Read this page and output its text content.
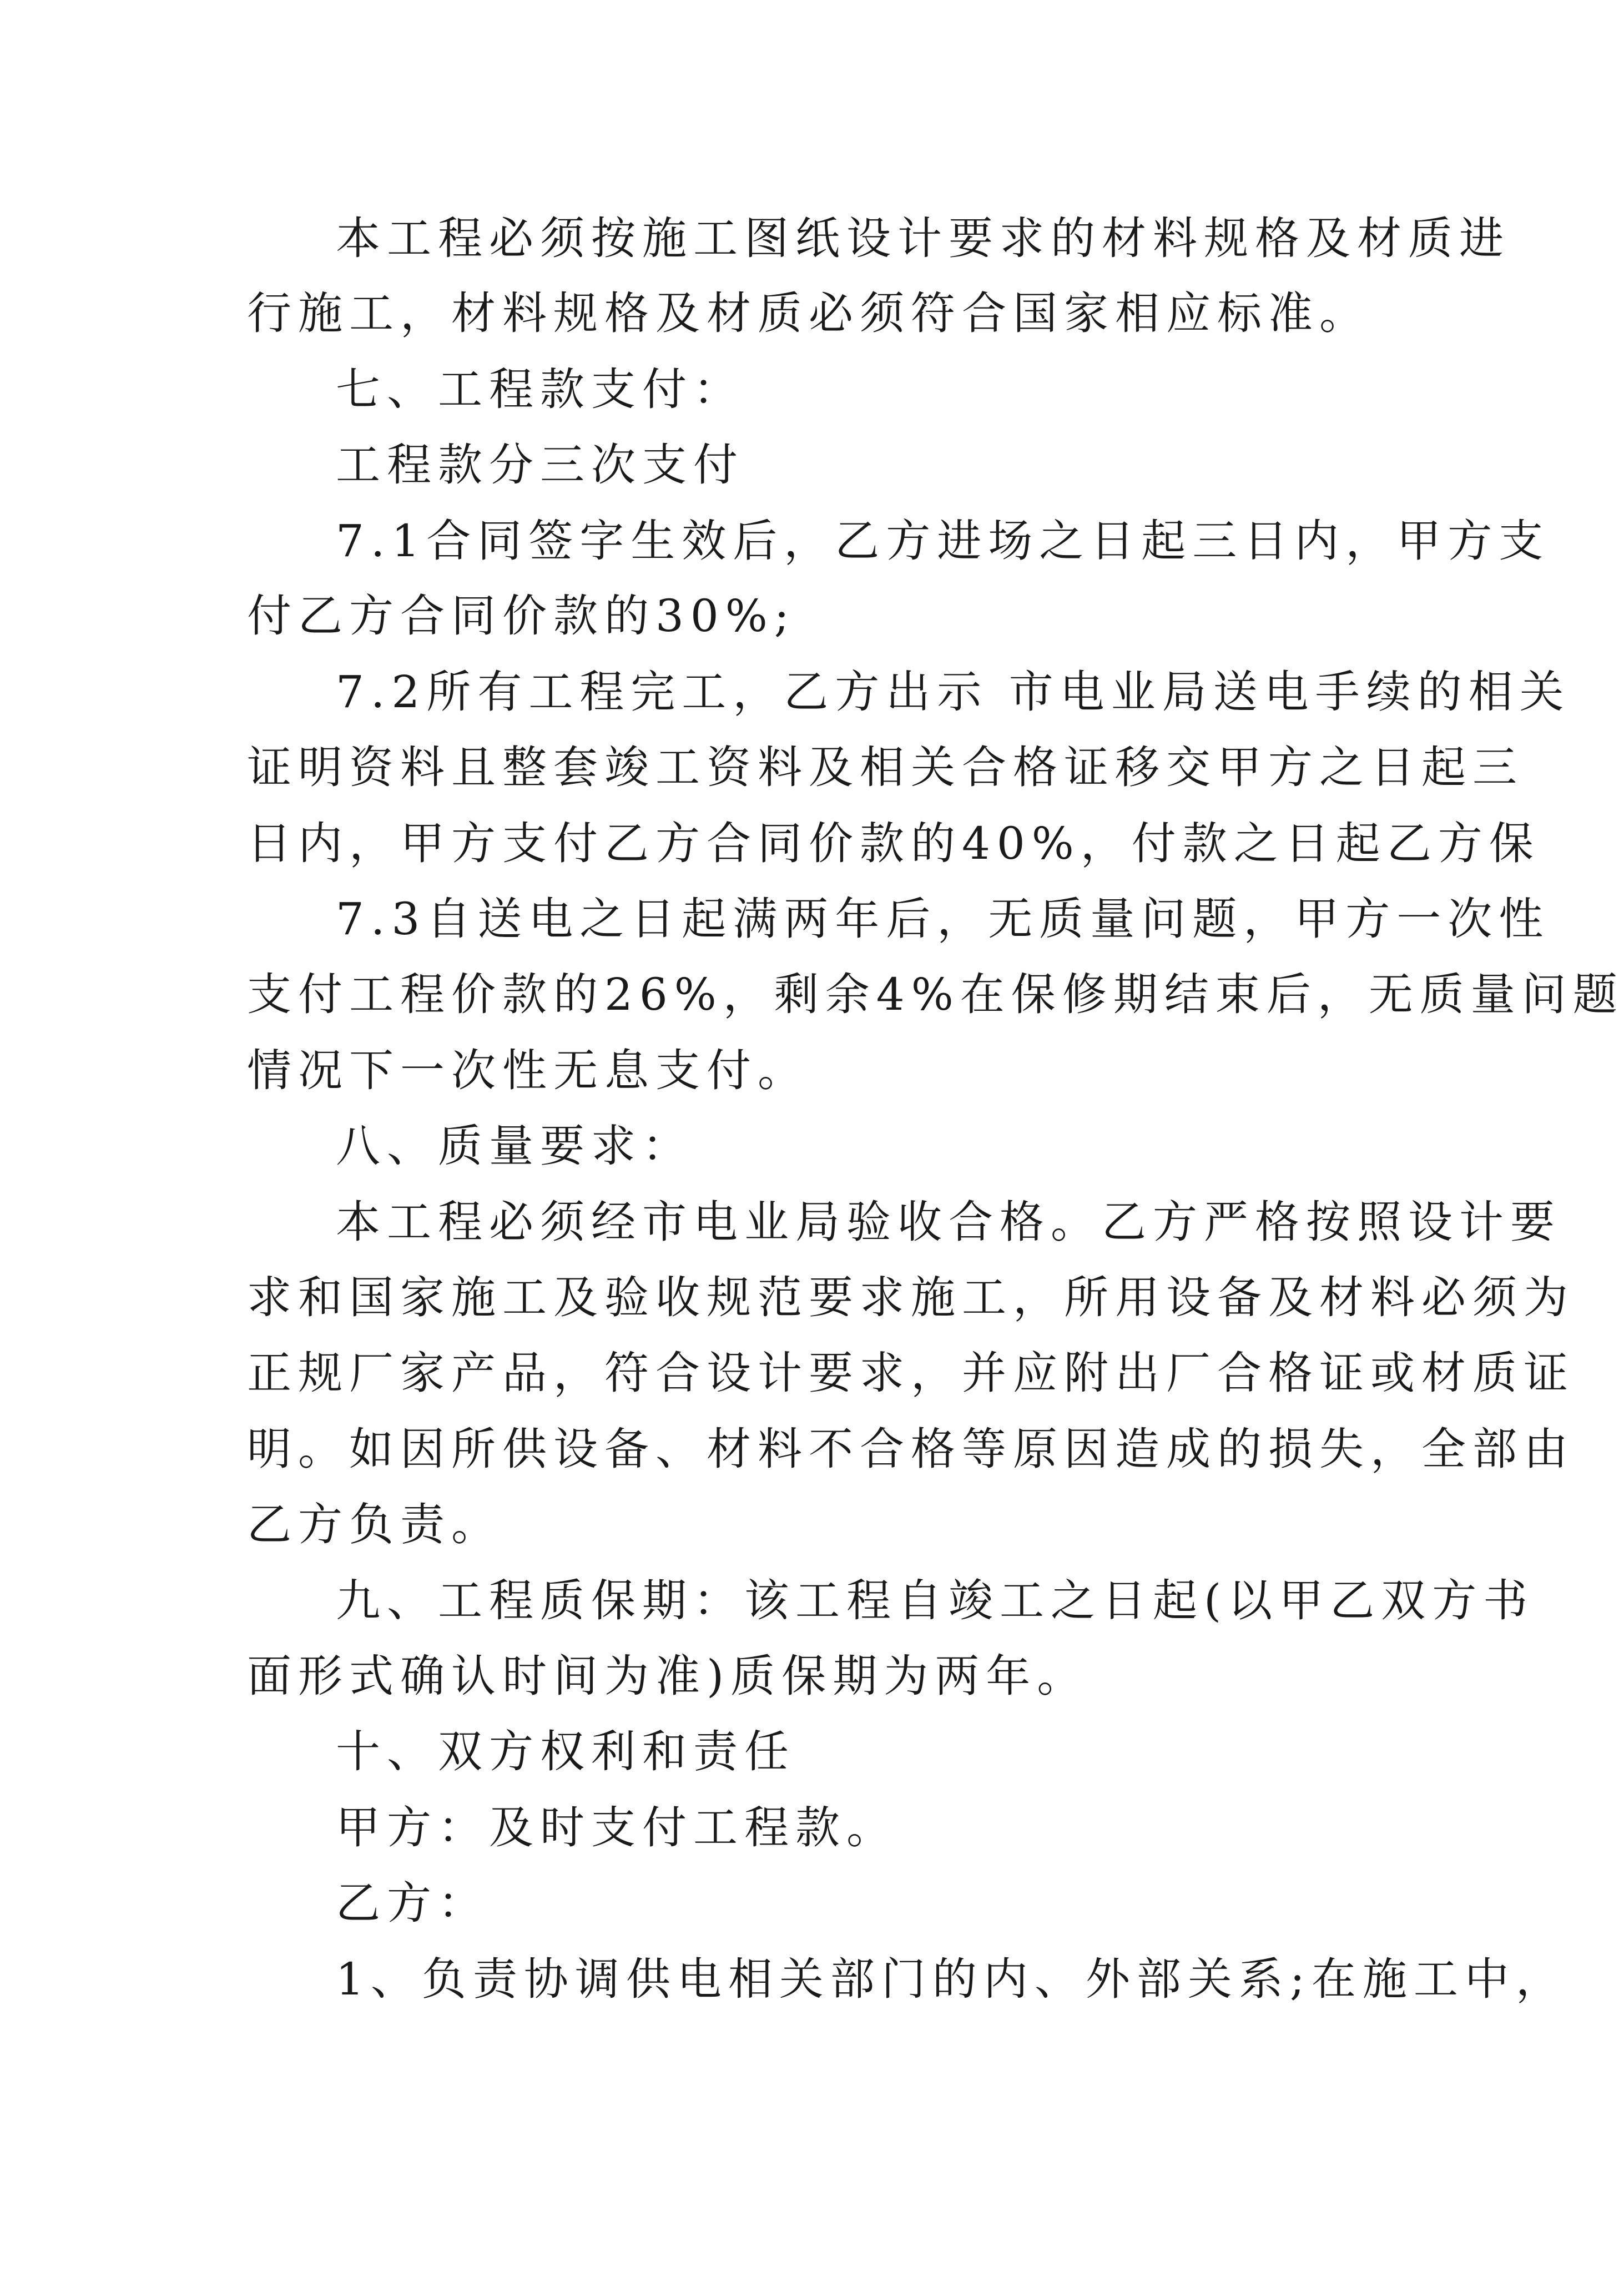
本工程必须按施工图纸设计要求的材料规格及材质进
行施工，材料规格及材质必须符合国家相应标准。
七、工程款支付：
工程款分三次支付
7.1合同签字生效后，乙方进场之日起三日内，甲方支
付乙方合同价款的30%;
7.2所有工程完工，乙方出示 市电业局送电手续的相关
证明资料且整套竣工资料及相关合格证移交甲方之日起三
日内，甲方支付乙方合同价款的40%，付款之日起乙方保
7.3自送电之日起满两年后，无质量问题，甲方一次性
支付工程价款的26%，剩余4%在保修期结束后，无质量问题
情况下一次性无息支付。
八、质量要求：
本工程必须经市电业局验收合格。乙方严格按照设计要
求和国家施工及验收规范要求施工，所用设备及材料必须为
正规厂家产品，符合设计要求，并应附出厂合格证或材质证
明。如因所供设备、材料不合格等原因造成的损失，全部由
乙方负责。
九、工程质保期：该工程自竣工之日起(以甲乙双方书
面形式确认时间为准)质保期为两年。
十、双方权利和责任
甲方：及时支付工程款。
乙方：
1、负责协调供电相关部门的内、外部关系;在施工中，
